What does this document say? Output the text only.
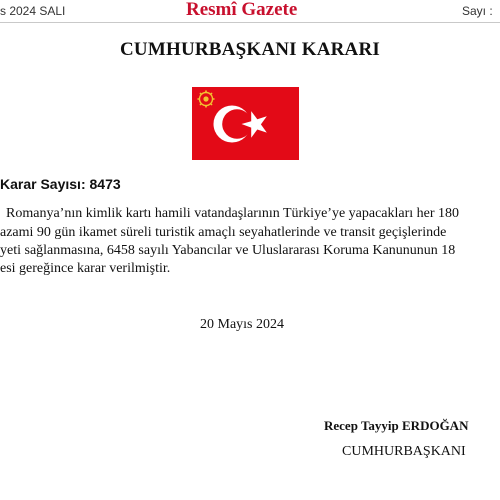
s 2024 SALI	Resmî Gazete	Sayı :
CUMHURBAŞKANI KARARI
Karar Sayısı: 8473
Romanya’nın kimlik kartı hamili vatandaşlarının Türkiye’ye yapacakları her 180
azami 90 gün ikamet süreli turistik amaçlı seyahatlerinde ve transit geçişlerinde
yeti sağlanmasına, 6458 sayılı Yabancılar ve Uluslararası Koruma Kanununun 18
esi gereğince karar verilmiştir.
20 Mayıs 2024
Recep Tayyip ERDOĞAN
CUMHURBAŞKANI
